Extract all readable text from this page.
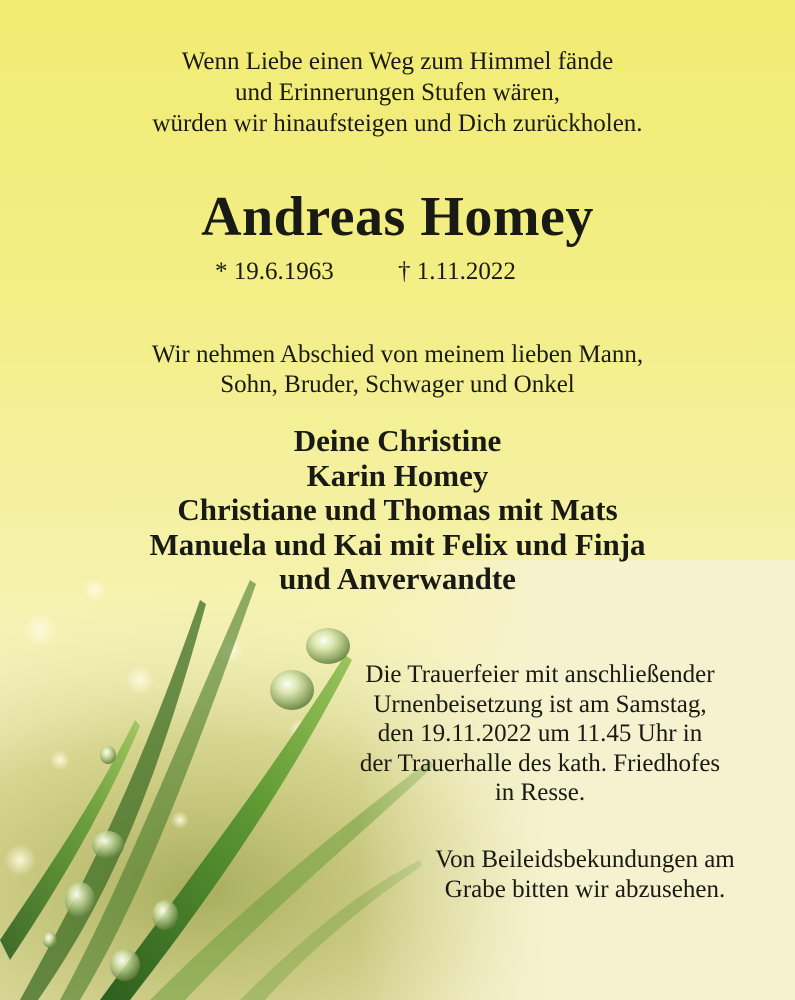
Wenn Liebe einen Weg zum Himmel fände
und Erinnerungen Stufen wären,
würden wir hinaufsteigen und Dich zurückholen.
Andreas Homey
* 19.6.1963	† 1.11.2022
Wir nehmen Abschied von meinem lieben Mann,
Sohn, Bruder, Schwager und Onkel
Deine Christine
Karin Homey
Christiane und Thomas mit Mats
Manuela und Kai mit Felix und Finja
und Anverwandte
Die Trauerfeier mit anschließender
Urnenbeisetzung ist am Samstag,
den 19.11.2022 um 11.45 Uhr in
der Trauerhalle des kath. Friedhofes
in Resse.
Von Beileidsbekundungen am
Grabe bitten wir abzusehen.
